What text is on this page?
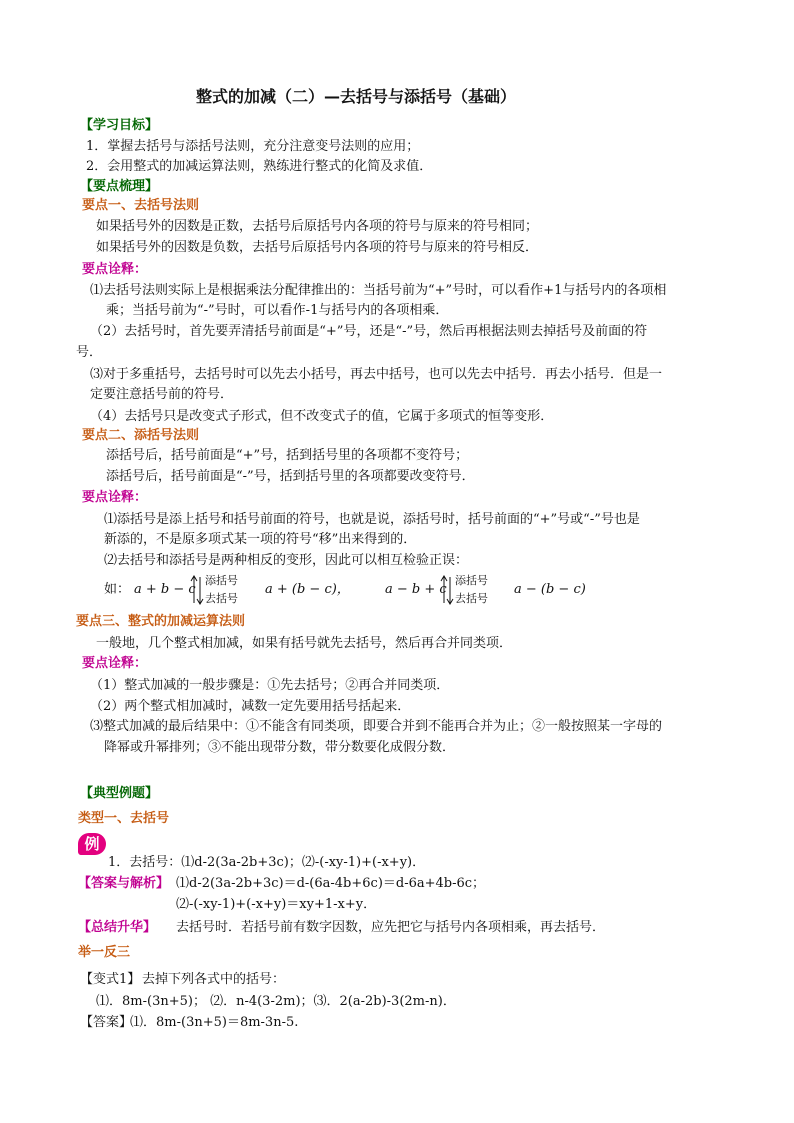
整式的加减（二）—去括号与添括号（基础）
【学习目标】
1．掌握去括号与添括号法则，充分注意变号法则的应用；
2．会用整式的加减运算法则，熟练进行整式的化简及求值．
【要点梳理】
要点一、去括号法则
如果括号外的因数是正数，去括号后原括号内各项的符号与原来的符号相同；
如果括号外的因数是负数，去括号后原括号内各项的符号与原来的符号相反．
要点诠释：
⑴去括号法则实际上是根据乘法分配律推出的：当括号前为“+”号时，可以看作+1与括号内的各项相
乘；当括号前为“-”号时，可以看作-1与括号内的各项相乘．
（2）去括号时，首先要弄清括号前面是“+”号，还是“-”号，然后再根据法则去掉括号及前面的符
号．
⑶对于多重括号，去括号时可以先去小括号，再去中括号，也可以先去中括号．再去小括号．但是一
定要注意括号前的符号．
（4）去括号只是改变式子形式，但不改变式子的值，它属于多项式的恒等变形．
要点二、添括号法则
添括号后，括号前面是“+”号，括到括号里的各项都不变符号；
添括号后，括号前面是“-”号，括到括号里的各项都要改变符号．
要点诠释：
⑴添括号是添上括号和括号前面的符号，也就是说，添括号时，括号前面的“+”号或“-”号也是
新添的，不是原多项式某一项的符号“移”出来得到的．
⑵去括号和添括号是两种相反的变形，因此可以相互检验正误：
如： a + b − c
添括号
去括号
a + (b − c)，	a − b + c
添括号
去括号
a − (b − c)
要点三、整式的加减运算法则
一般地，几个整式相加减，如果有括号就先去括号，然后再合并同类项．
要点诠释：
（1）整式加减的一般步骤是：①先去括号；②再合并同类项．
（2）两个整式相加减时，减数一定先要用括号括起来．
⑶整式加减的最后结果中：①不能含有同类项，即要合并到不能再合并为止；②一般按照某一字母的
降幂或升幂排列；③不能出现带分数，带分数要化成假分数．
【典型例题】
类型一、去括号
例
1．去括号：⑴d-2(3a-2b+3c)；⑵-(-xy-1)+(-x+y)．
【答案与解析】 ⑴d-2(3a-2b+3c)＝d-(6a-4b+6c)＝d-6a+4b-6c；
⑵-(-xy-1)+(-x+y)＝xy+1-x+y．
【总结升华】 去括号时．若括号前有数字因数，应先把它与括号内各项相乘，再去括号．
举一反三
【变式1】 去掉下列各式中的括号：
⑴．8m-(3n+5)； ⑵．n-4(3-2m)；⑶．2(a-2b)-3(2m-n)．
【答案】
⑴．8m-(3n+5)＝8m-3n-5.
